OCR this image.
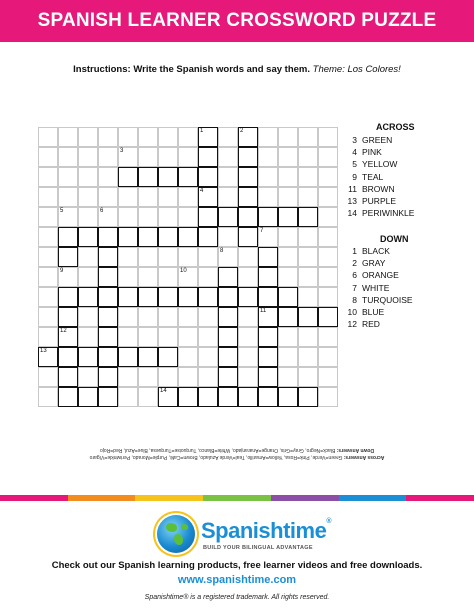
SPANISH LEARNER CROSSWORD PUZZLE
Instructions: Write the Spanish words and say them. Theme: Los Colores!
1	2
3
4
5	6
7
8
9	10
11
12
13
14
ACROSS
3 GREEN
4 PINK
5 YELLOW
9 TEAL
11 BROWN
13 PURPLE
14 PERIWINKLE
DOWN
1 BLACK
2 GRAY
6 ORANGE
7 WHITE
8 TURQUOISE
10 BLUE
12 RED
Across Answers: Green=Verde, Pink=Rosa, Yellow=Amarillo, Teal=Verde Azulado, Brown=Café, Purple=Morado, Periwinkle=Vígaro
Down Answers: Black=Negro, Gray=Gris, Orange=Anaranjado, White=Blanco, Turquoise=Turquesa, Blue=Azul, Red=Rojo
Spanishtime®
BUILD YOUR BILINGUAL ADVANTAGE
Check out our Spanish learning products, free learner videos and free downloads.
www.spanishtime.com
Spanishtime® is a registered trademark. All rights reserved.
